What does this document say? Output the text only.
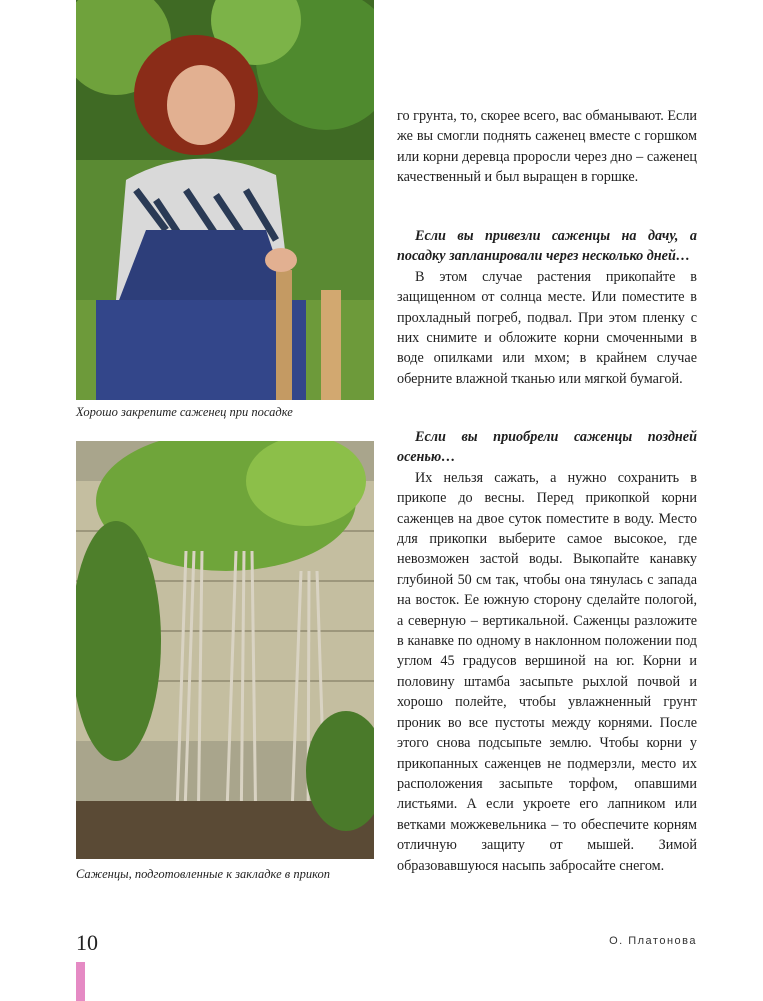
Хорошо закрепите саженец при посадке
Саженцы, подготовленные к закладке в прикоп

го грунта, то, скорее всего, вас обманывают. Если же вы смогли поднять саженец вместе с горшком или корни деревца проросли через дно – саженец качественный и был выращен в горшке.

Если вы привезли саженцы на дачу, а посадку запланировали через несколько дней…

В этом случае растения прикопайте в защищенном от солнца месте. Или поместите в прохладный погреб, подвал. При этом пленку с них снимите и обложите корни смоченными в воде опилками или мхом; в крайнем случае оберните влажной тканью или мягкой бумагой.

Если вы приобрели саженцы поздней осенью…

Их нельзя сажать, а нужно сохранить в прикопе до весны. Перед прикопкой корни саженцев на двое суток поместите в воду. Место для прикопки выберите самое высокое, где невозможен застой воды. Выкопайте канавку глубиной 50 см так, чтобы она тянулась с запада на восток. Ее южную сторону сделайте пологой, а северную – вертикальной. Саженцы разложите в канавке по одному в наклонном положении под углом 45 градусов вершиной на юг. Корни и половину штамба засыпьте рыхлой почвой и хорошо полейте, чтобы увлажненный грунт проник во все пустоты между корнями. После этого снова подсыпьте землю. Чтобы корни у прикопанных саженцев не подмерзли, место их расположения засыпьте торфом, опавшими листьями. А если укроете его лапником или ветками можжевельника – то обеспечите корням отличную защиту от мышей. Зимой образовавшуюся насыпь забросайте снегом.

10	О. Платонова
